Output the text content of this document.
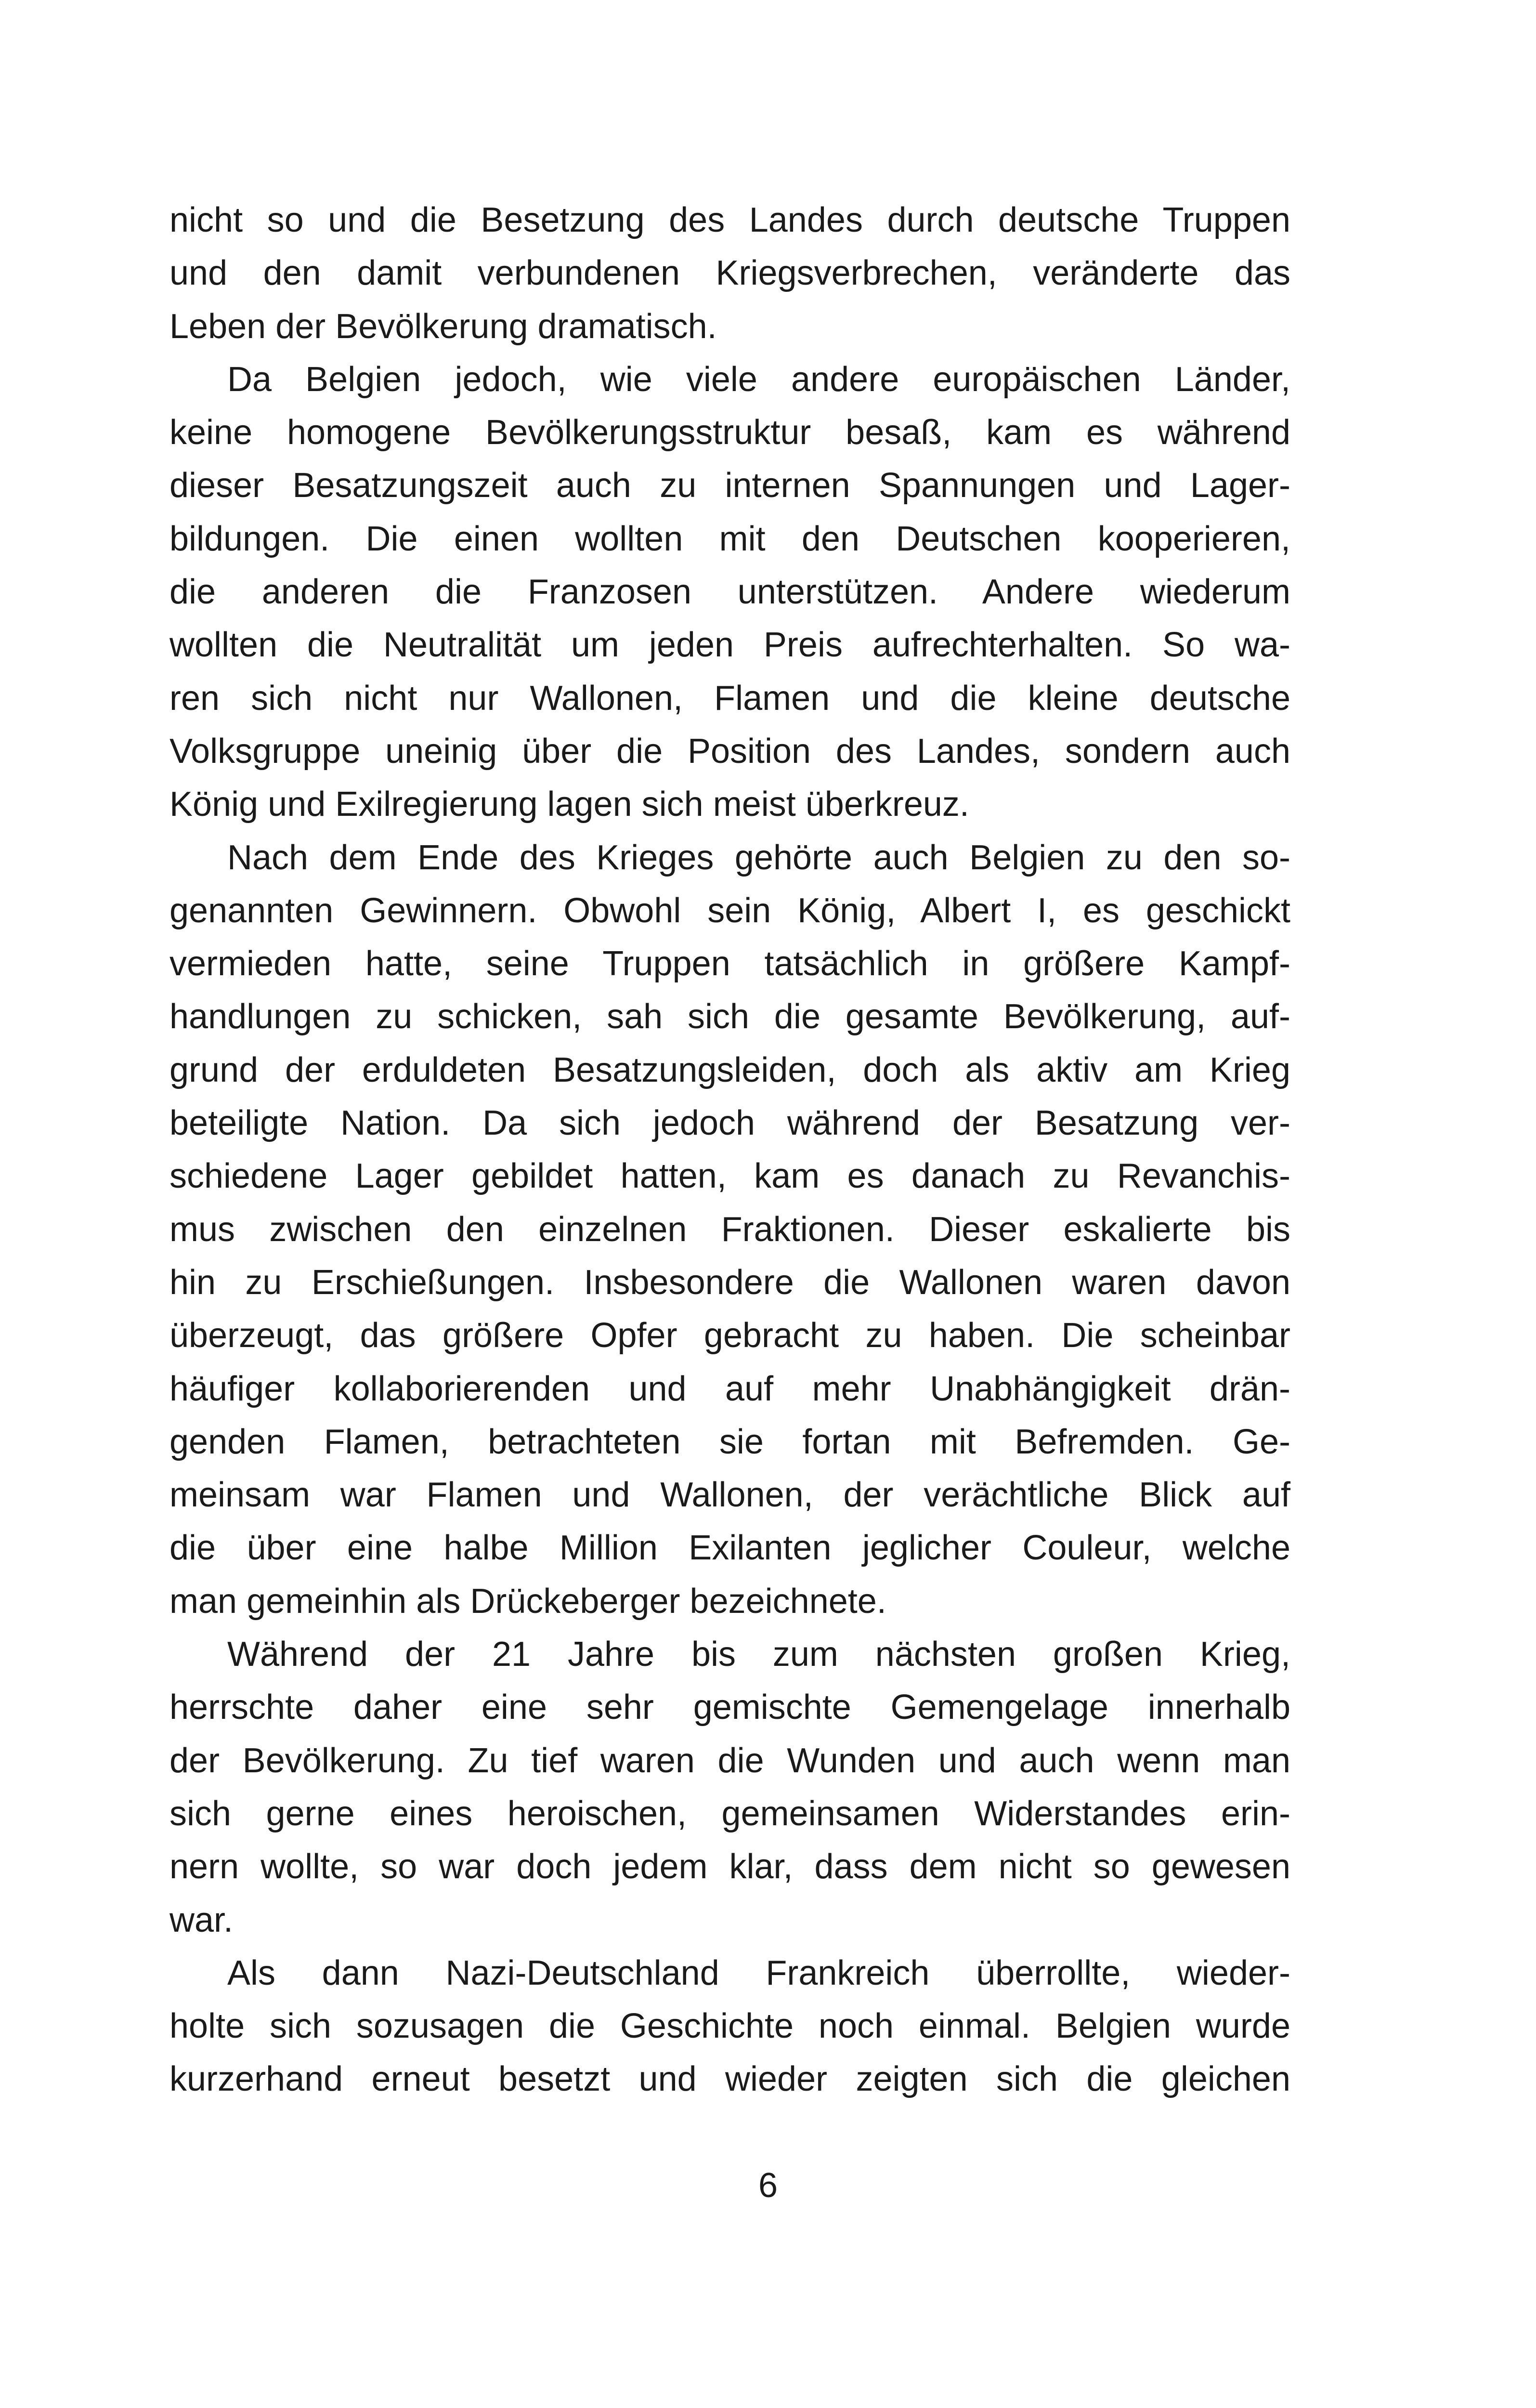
nicht so und die Besetzung des Landes durch deutsche Truppen
und den damit verbundenen Kriegsverbrechen, veränderte das
Leben der Bevölkerung dramatisch.
Da Belgien jedoch, wie viele andere europäischen Länder,
keine homogene Bevölkerungsstruktur besaß, kam es während
dieser Besatzungszeit auch zu internen Spannungen und Lager-
bildungen. Die einen wollten mit den Deutschen kooperieren,
die anderen die Franzosen unterstützen. Andere wiederum
wollten die Neutralität um jeden Preis aufrechterhalten. So wa-
ren sich nicht nur Wallonen, Flamen und die kleine deutsche
Volksgruppe uneinig über die Position des Landes, sondern auch
König und Exilregierung lagen sich meist überkreuz.
Nach dem Ende des Krieges gehörte auch Belgien zu den so-
genannten Gewinnern. Obwohl sein König, Albert I, es geschickt
vermieden hatte, seine Truppen tatsächlich in größere Kampf-
handlungen zu schicken, sah sich die gesamte Bevölkerung, auf-
grund der erduldeten Besatzungsleiden, doch als aktiv am Krieg
beteiligte Nation. Da sich jedoch während der Besatzung ver-
schiedene Lager gebildet hatten, kam es danach zu Revanchis-
mus zwischen den einzelnen Fraktionen. Dieser eskalierte bis
hin zu Erschießungen. Insbesondere die Wallonen waren davon
überzeugt, das größere Opfer gebracht zu haben. Die scheinbar
häufiger kollaborierenden und auf mehr Unabhängigkeit drän-
genden Flamen, betrachteten sie fortan mit Befremden. Ge-
meinsam war Flamen und Wallonen, der verächtliche Blick auf
die über eine halbe Million Exilanten jeglicher Couleur, welche
man gemeinhin als Drückeberger bezeichnete.
Während der 21 Jahre bis zum nächsten großen Krieg,
herrschte daher eine sehr gemischte Gemengelage innerhalb
der Bevölkerung. Zu tief waren die Wunden und auch wenn man
sich gerne eines heroischen, gemeinsamen Widerstandes erin-
nern wollte, so war doch jedem klar, dass dem nicht so gewesen
war.
Als dann Nazi-Deutschland Frankreich überrollte, wieder-
holte sich sozusagen die Geschichte noch einmal. Belgien wurde
kurzerhand erneut besetzt und wieder zeigten sich die gleichen
6
